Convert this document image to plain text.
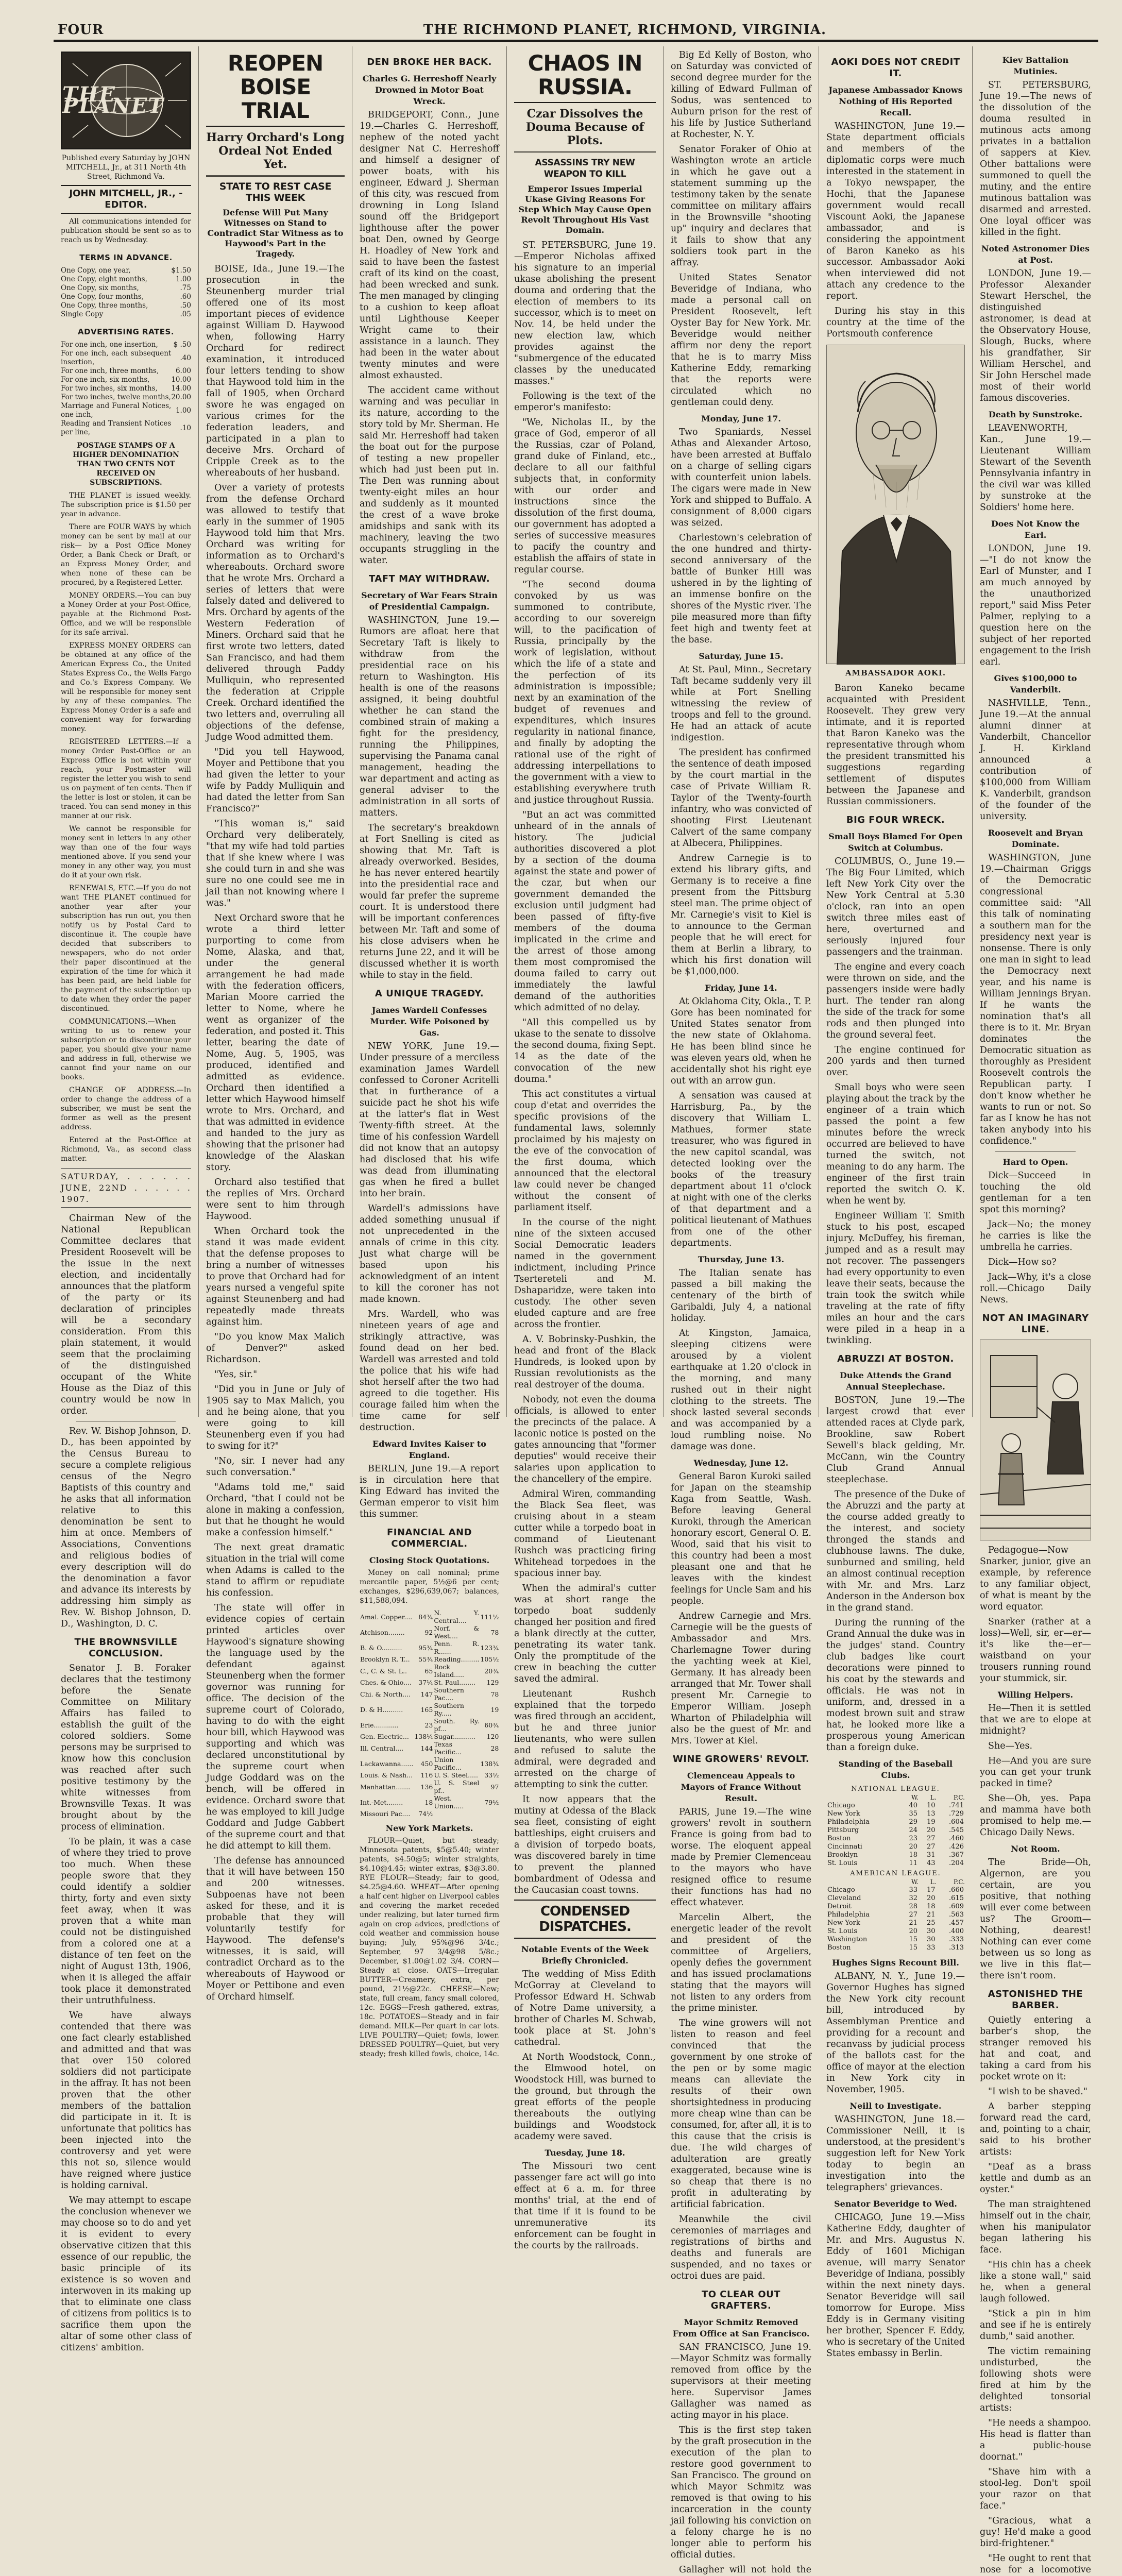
FOUR	THE RICHMOND PLANET, RICHMOND, VIRGINIA.
THE PLANET

Published every Saturday by JOHN MITCHELL, Jr., at 311 North 4th Street, Richmond Va.

JOHN MITCHELL, JR., - EDITOR.

All communications intended for publication should be sent so as to reach us by Wednesday.

TERMS IN ADVANCE.
One Copy, one year,	$1.50
One Copy, eight months,	1.00
One Copy, six months,	.75
One Copy, four months,	.60
One Copy, three months,	.50
Single Copy	.05
ADVERTISING RATES.
For one inch, one insertion,	$ .50
For one inch, each subsequent insertion,	.40
For one inch, three months,	6.00
For one inch, six months,	10.00
For two inches, six months,	14.00
For two inches, twelve months,	20.00
Marriage and Funeral Notices, one inch,	1.00
Reading and Transient Notices per line,	.10

POSTAGE STAMPS OF A HIGHER DENOMINATION THAN TWO CENTS NOT RECEIVED ON SUBSCRIPTIONS.

THE PLANET is issued weekly. The subscription price is $1.50 per year in advance.

There are FOUR WAYS by which money can be sent by mail at our risk— by a Post Office Money Order, a Bank Check or Draft, or an Express Money Order, and when none of these can be procured, by a Registered Letter.

MONEY ORDERS.—You can buy a Money Order at your Post-Office, payable at the Richmond Post-Office, and we will be responsible for its safe arrival.

EXPRESS MONEY ORDERS can be obtained at any office of the American Express Co., the United States Express Co., the Wells Fargo and Co.'s Express Company. We will be responsible for money sent by any of these companies. The Express Money Order is a safe and convenient way for forwarding money.

REGISTERED LETTERS.—If a money Order Post-Office or an Express Office is not within your reach, your Postmaster will register the letter you wish to send us on payment of ten cents. Then if the letter is lost or stolen, it can be traced. You can send money in this manner at our risk.

We cannot be responsible for money sent in letters in any other way than one of the four ways mentioned above. If you send your money in any other way, you must do it at your own risk.

RENEWALS, ETC.—If you do not want THE PLANET continued for another year after your subscription has run out, you then notify us by Postal Card to discontinue it. The couple have decided that subscribers to newspapers, who do not order their paper discontinued at the expiration of the time for which it has been paid, are held liable for the payment of the subscription up to date when they order the paper discontinued.

COMMUNICATIONS.—When writing to us to renew your subscription or to discontinue your paper, you should give your name and address in full, otherwise we cannot find your name on our books.

CHANGE OF ADDRESS.—In order to change the address of a subscriber, we must be sent the former as well as the present address.

Entered at the Post-Office at Richmond, Va., as second class matter.

SATURDAY, . . . . . . JUNE, 22ND . . . . . . 1907.

Chairman New of the National Republican Committee declares that President Roosevelt will be the issue in the next election, and incidentally announces that the platform of the party or its declaration of principles will be a secondary consideration. From this plain statement, it would seem that the proclaiming of the distinguished occupant of the White House as the Diaz of this country would be now in order.

Rev. W. Bishop Johnson, D. D., has been appointed by the Census Bureau to secure a complete religious census of the Negro Baptists of this country and he asks that all information relative to this denomination be sent to him at once. Members of Associations, Conventions and religious bodies of every description will do the denomination a favor and advance its interests by addressing him simply as Rev. W. Bishop Johnson, D. D., Washington, D. C.

THE BROWNSVILLE CONCLUSION.

Senator J. B. Foraker declares that the testimony before the Senate Committee on Military Affairs has failed to establish the guilt of the colored soldiers. Some persons may be surprised to know how this conclusion was reached after such positive testimony by the white witnesses from Brownsville Texas. It was brought about by the process of elimination.

To be plain, it was a case of where they tried to prove too much. When these people swore that they could identify a soldier thirty, forty and even sixty feet away, when it was proven that a white man could not be distinguished from a colored one at a distance of ten feet on the night of August 13th, 1906, when it is alleged the affair took place it demonstrated their untruthfulness.

We have always contended that there was one fact clearly established and admitted and that was that over 150 colored soldiers did not participate in the affray. It has not been proven that the other members of the battalion did participate in it. It is unfortunate that politics has been injected into the controversy and yet were this not so, silence would have reigned where justice is holding carnival.

We may attempt to escape the conclusion whenever we may choose so to do and yet it is evident to every observative citizen that this essence of our republic, the basic principle of its existence is so woven and interwoven in its making up that to eliminate one class of citizens from politics is to sacrifice them upon the altar of some other class of citizens' ambition.

REOPEN BOISE TRIAL
Harry Orchard's Long Ordeal Not Ended Yet.
STATE TO REST CASE THIS WEEK
Defense Will Put Many Witnesses on Stand to Contradict Star Witness as to Haywood's Part in the Tragedy.

BOISE, Ida., June 19.—The prosecution in the Steunenberg murder trial offered one of its most important pieces of evidence against William D. Haywood when, following Harry Orchard for redirect examination, it introduced four letters tending to show that Haywood told him in the fall of 1905, when Orchard swore he was engaged on various crimes for the federation leaders, and participated in a plan to deceive Mrs. Orchard of Cripple Creek as to the whereabouts of her husband.

Over a variety of protests from the defense Orchard was allowed to testify that early in the summer of 1905 Haywood told him that Mrs. Orchard was writing for information as to Orchard's whereabouts. Orchard swore that he wrote Mrs. Orchard a series of letters that were falsely dated and delivered to Mrs. Orchard by agents of the Western Federation of Miners. Orchard said that he first wrote two letters, dated San Francisco, and had them delivered through Paddy Mulliquin, who represented the federation at Cripple Creek. Orchard identified the two letters and, overruling all objections of the defense, Judge Wood admitted them.

"Did you tell Haywood, Moyer and Pettibone that you had given the letter to your wife by Paddy Mulliquin and had dated the letter from San Francisco?"

"This woman is," said Orchard very deliberately, "that my wife had told parties that if she knew where I was she could turn in and she was sure no one could see me in jail than not knowing where I was."

Next Orchard swore that he wrote a third letter purporting to come from Nome, Alaska, and that, under the general arrangement he had made with the federation officers, Marian Moore carried the letter to Nome, where he went as organizer of the federation, and posted it. This letter, bearing the date of Nome, Aug. 5, 1905, was produced, identified and admitted as evidence. Orchard then identified a letter which Haywood himself wrote to Mrs. Orchard, and that was admitted in evidence and handed to the jury as showing that the prisoner had knowledge of the Alaskan story.

Orchard also testified that the replies of Mrs. Orchard were sent to him through Haywood.

When Orchard took the stand it was made evident that the defense proposes to bring a number of witnesses to prove that Orchard had for years nursed a vengeful spite against Steunenberg and had repeatedly made threats against him.

"Do you know Max Malich of Denver?" asked Richardson.

"Yes, sir."

"Did you in June or July of 1905 say to Max Malich, you and he being alone, that you were going to kill Steunenberg even if you had to swing for it?"

"No, sir. I never had any such conversation."

"Adams told me," said Orchard, "that I could not be alone in making a confession, but that he thought he would make a confession himself."

The next great dramatic situation in the trial will come when Adams is called to the stand to affirm or repudiate his confession.

The state will offer in evidence copies of certain printed articles over Haywood's signature showing the language used by the defendant against Steunenberg when the former governor was running for office. The decision of the supreme court of Colorado, having to do with the eight hour bill, which Haywood was supporting and which was declared unconstitutional by the supreme court when Judge Goddard was on the bench, will be offered in evidence. Orchard swore that he was employed to kill Judge Goddard and Judge Gabbert of the supreme court and that he did attempt to kill them.

The defense has announced that it will have between 150 and 200 witnesses. Subpoenas have not been asked for these, and it is probable that they will voluntarily testify for Haywood. The defense's witnesses, it is said, will contradict Orchard as to the whereabouts of Haywood or Moyer or Pettibone and even of Orchard himself.

DEN BROKE HER BACK.
Charles G. Herreshoff Nearly Drowned in Motor Boat Wreck.

BRIDGEPORT, Conn., June 19.—Charles G. Herreshoff, nephew of the noted yacht designer Nat C. Herreshoff and himself a designer of power boats, with his engineer, Edward J. Sherman of this city, was rescued from drowning in Long Island sound off the Bridgeport lighthouse after the power boat Den, owned by George H. Hoadley of New York and said to have been the fastest craft of its kind on the coast, had been wrecked and sunk. The men managed by clinging to a cushion to keep afloat until Lighthouse Keeper Wright came to their assistance in a launch. They had been in the water about twenty minutes and were almost exhausted.

The accident came without warning and was peculiar in its nature, according to the story told by Mr. Sherman. He said Mr. Herreshoff had taken the boat out for the purpose of testing a new propeller which had just been put in. The Den was running about twenty-eight miles an hour and suddenly as it mounted the crest of a wave broke amidships and sank with its machinery, leaving the two occupants struggling in the water.

TAFT MAY WITHDRAW.
Secretary of War Fears Strain of Presidential Campaign.

WASHINGTON, June 19.—Rumors are afloat here that Secretary Taft is likely to withdraw from the presidential race on his return to Washington. His health is one of the reasons assigned, it being doubtful whether he can stand the combined strain of making a fight for the presidency, running the Philippines, supervising the Panama canal management, heading the war department and acting as general adviser to the administration in all sorts of matters.

The secretary's breakdown at Fort Snelling is cited as showing that Mr. Taft is already overworked. Besides, he has never entered heartily into the presidential race and would far prefer the supreme court. It is understood there will be important conferences between Mr. Taft and some of his close advisers when he returns June 22, and it will be discussed whether it is worth while to stay in the field.

A UNIQUE TRAGEDY.
James Wardell Confesses Murder. Wife Poisoned by Gas.

NEW YORK, June 19.—Under pressure of a merciless examination James Wardell confessed to Coroner Acritelli that in furtherance of a suicide pact he shot his wife at the latter's flat in West Twenty-fifth street. At the time of his confession Wardell did not know that an autopsy had disclosed that his wife was dead from illuminating gas when he fired a bullet into her brain.

Wardell's admissions have added something unusual if not unprecedented in the annals of crime in this city. Just what charge will be based upon his acknowledgment of an intent to kill the coroner has not made known.

Mrs. Wardell, who was nineteen years of age and strikingly attractive, was found dead on her bed. Wardell was arrested and told the police that his wife had shot herself after the two had agreed to die together. His courage failed him when the time came for self destruction.

Edward Invites Kaiser to England.

BERLIN, June 19.—A report is in circulation here that King Edward has invited the German emperor to visit him this summer.

FINANCIAL AND COMMERCIAL.
Closing Stock Quotations.

Money on call nominal; prime mercantile paper, 5½@6 per cent; exchanges, $296,639,067; balances, $11,588,094.

Amal. Copper....	84¾	N. Y. Central....	111½
Atchison........	92	Norf. & West....	78
B. & O..........	95¾	Penn. R. R......	123¾
Brooklyn R. T...	55¾	Reading.........	105½
C., C. & St. L..	65	Rock Island.....	20¾
Ches. & Ohio....	37¼	St. Paul........	129
Chi. & North....	147	Southern Pac....	78
D. & H..........	165	Southern Ry.....	19
Erie............	23	South. Ry. pf...	60¾
Gen. Electric...	138¼	Sugar...........	120
Ill. Central....	144	Texas Pacific...	28
Lackawanna......	450	Union Pacific...	138¾
Louis. & Nash...	116	U. S. Steel.....	33½
Manhattan.......	136	U. S. Steel pf..	97
Int.-Met........	18	West. Union.....	79½
Missouri Pac....	74½		
New York Markets.

FLOUR—Quiet, but steady; Minnesota patents, $5@5.40; winter patents, $4.50@5; winter straights, $4.10@4.45; winter extras, $3@3.80. RYE FLOUR—Steady; fair to good, $4.25@4.60. WHEAT—After opening a half cent higher on Liverpool cables and covering the market receded under realizing, but later turned firm again on crop advices, predictions of cold weather and commission house buying; July, 95%@96 3/4c.; September, 97 3/4@98 5/8c.; December, $1.00@1.02 3/4. CORN—Steady at close. OATS—Irregular. BUTTER—Creamery, extra, per pound, 21½@22c. CHEESE—New; state, full cream, fancy small colored, 12c. EGGS—Fresh gathered, extras, 18c. POTATOES—Steady and in fair demand. MILK—Per quart in car lots. LIVE POULTRY—Quiet; fowls, lower. DRESSED POULTRY—Quiet, but very steady; fresh killed fowls, choice, 14c.

CHAOS IN RUSSIA.
Czar Dissolves the Douma Because of Plots.
ASSASSINS TRY NEW WEAPON TO KILL
Emperor Issues Imperial Ukase Giving Reasons For Step Which May Cause Open Revolt Throughout His Vast Domain.

ST. PETERSBURG, June 19.—Emperor Nicholas affixed his signature to an imperial ukase abolishing the present douma and ordering that the election of members to its successor, which is to meet on Nov. 14, be held under the new election law, which provides against the "submergence of the educated classes by the uneducated masses."

Following is the text of the emperor's manifesto:

"We, Nicholas II., by the grace of God, emperor of all the Russias, czar of Poland, grand duke of Finland, etc., declare to all our faithful subjects that, in conformity with our order and instructions since the dissolution of the first douma, our government has adopted a series of successive measures to pacify the country and establish the affairs of state in regular course.

"The second douma convoked by us was summoned to contribute, according to our sovereign will, to the pacification of Russia, principally by the work of legislation, without which the life of a state and the perfection of its administration is impossible; next by an examination of the budget of revenues and expenditures, which insures regularity in national finance, and finally by adopting the rational use of the right of addressing interpellations to the government with a view to establishing everywhere truth and justice throughout Russia.

"But an act was committed unheard of in the annals of history. The judicial authorities discovered a plot by a section of the douma against the state and power of the czar, but when our government demanded the exclusion until judgment had been passed of fifty-five members of the douma implicated in the crime and the arrest of those among them most compromised the douma failed to carry out immediately the lawful demand of the authorities which admitted of no delay.

"All this compelled us by ukase to the senate to dissolve the second douma, fixing Sept. 14 as the date of the convocation of the new douma."

This act constitutes a virtual coup d'etat and overrides the specific provisions of the fundamental laws, solemnly proclaimed by his majesty on the eve of the convocation of the first douma, which announced that the electoral law could never be changed without the consent of parliament itself.

In the course of the night nine of the sixteen accused Social Democratic leaders named in the government indictment, including Prince Tsertereteli and M. Dshaparidze, were taken into custody. The other seven eluded capture and are free across the frontier.

A. V. Bobrinsky-Pushkin, the head and front of the Black Hundreds, is looked upon by Russian revolutionists as the real destroyer of the douma.

Nobody, not even the douma officials, is allowed to enter the precincts of the palace. A laconic notice is posted on the gates announcing that "former deputies" would receive their salaries upon application to the chancellery of the empire.

Admiral Wiren, commanding the Black Sea fleet, was cruising about in a steam cutter while a torpedo boat in command of Lieutenant Rushch was practicing firing Whitehead torpedoes in the spacious inner bay.

When the admiral's cutter was at short range the torpedo boat suddenly changed her position and fired a blank directly at the cutter, penetrating its water tank. Only the promptitude of the crew in beaching the cutter saved the admiral.

Lieutenant Rushch explained that the torpedo was fired through an accident, but he and three junior lieutenants, who were sullen and refused to salute the admiral, were degraded and arrested on the charge of attempting to sink the cutter.

It now appears that the mutiny at Odessa of the Black sea fleet, consisting of eight battleships, eight cruisers and a division of torpedo boats, was discovered barely in time to prevent the planned bombardment of Odessa and the Caucasian coast towns.

CONDENSED DISPATCHES.
Notable Events of the Week Briefly Chronicled.

The wedding of Miss Edith McGorray at Cleveland to Professor Edward H. Schwab of Notre Dame university, a brother of Charles M. Schwab, took place at St. John's cathedral.

At North Woodstock, Conn., the Elmwood hotel, on Woodstock Hill, was burned to the ground, but through the great efforts of the people thereabouts the outlying buildings and Woodstock academy were saved.

Tuesday, June 18.

The Missouri two cent passenger fare act will go into effect at 6 a. m. for three months' trial, at the end of that time if it is found to be unremunerative its enforcement can be fought in the courts by the railroads.

Big Ed Kelly of Boston, who on Saturday was convicted of second degree murder for the killing of Edward Fullman of Sodus, was sentenced to Auburn prison for the rest of his life by Justice Sutherland at Rochester, N. Y.

Senator Foraker of Ohio at Washington wrote an article in which he gave out a statement summing up the testimony taken by the senate committee on military affairs in the Brownsville "shooting up" inquiry and declares that it fails to show that any soldiers took part in the affray.

United States Senator Beveridge of Indiana, who made a personal call on President Roosevelt, left Oyster Bay for New York. Mr. Beveridge would neither affirm nor deny the report that he is to marry Miss Katherine Eddy, remarking that the reports were circulated which no gentleman could deny.

Monday, June 17.

Two Spaniards, Nessel Athas and Alexander Artoso, have been arrested at Buffalo on a charge of selling cigars with counterfeit union labels. The cigars were made in New York and shipped to Buffalo. A consignment of 8,000 cigars was seized.

Charlestown's celebration of the one hundred and thirty-second anniversary of the battle of Bunker Hill was ushered in by the lighting of an immense bonfire on the shores of the Mystic river. The pile measured more than fifty feet high and twenty feet at the base.

Saturday, June 15.

At St. Paul, Minn., Secretary Taft became suddenly very ill while at Fort Snelling witnessing the review of troops and fell to the ground. He had an attack of acute indigestion.

The president has confirmed the sentence of death imposed by the court martial in the case of Private William R. Taylor of the Twenty-fourth infantry, who was convicted of shooting First Lieutenant Calvert of the same company at Albecera, Philippines.

Andrew Carnegie is to extend his library gifts, and Germany is to receive a fine present from the Pittsburg steel man. The prime object of Mr. Carnegie's visit to Kiel is to announce to the German people that he will erect for them at Berlin a library, to which his first donation will be $1,000,000.

Friday, June 14.

At Oklahoma City, Okla., T. P. Gore has been nominated for United States senator from the new state of Oklahoma. He has been blind since he was eleven years old, when he accidentally shot his right eye out with an arrow gun.

A sensation was caused at Harrisburg, Pa., by the discovery that William L. Mathues, former state treasurer, who was figured in the new capitol scandal, was detected looking over the books of the treasury department about 11 o'clock at night with one of the clerks of that department and a political lieutenant of Mathues from one of the other departments.

Thursday, June 13.

The Italian senate has passed a bill making the centenary of the birth of Garibaldi, July 4, a national holiday.

At Kingston, Jamaica, sleeping citizens were aroused by a violent earthquake at 1.20 o'clock in the morning, and many rushed out in their night clothing to the streets. The shock lasted several seconds and was accompanied by a loud rumbling noise. No damage was done.

Wednesday, June 12.

General Baron Kuroki sailed for Japan on the steamship Kaga from Seattle, Wash. Before leaving General Kuroki, through the American honorary escort, General O. E. Wood, said that his visit to this country had been a most pleasant one and that he leaves with the kindest feelings for Uncle Sam and his people.

Andrew Carnegie and Mrs. Carnegie will be the guests of Ambassador and Mrs. Charlemagne Tower during the yachting week at Kiel, Germany. It has already been arranged that Mr. Tower shall present Mr. Carnegie to Emperor William. Joseph Wharton of Philadelphia will also be the guest of Mr. and Mrs. Tower at Kiel.

WINE GROWERS' REVOLT.
Clemenceau Appeals to Mayors of France Without Result.

PARIS, June 19.—The wine growers' revolt in southern France is going from bad to worse. The eloquent appeal made by Premier Clemenceau to the mayors who have resigned office to resume their functions has had no effect whatever.

Marcelin Albert, the energetic leader of the revolt and president of the committee of Argeliers, openly defies the government and has issued proclamations stating that the mayors will not listen to any orders from the prime minister.

The wine growers will not listen to reason and feel convinced that the government by one stroke of the pen or by some magic means can alleviate the results of their own shortsightedness in producing more cheap wine than can be consumed, for, after all, it is to this cause that the crisis is due. The wild charges of adulteration are greatly exaggerated, because wine is so cheap that there is no profit in adulterating by artificial fabrication.

Meanwhile the civil ceremonies of marriages and registrations of births and deaths and funerals are suspended, and no taxes or octroi dues are paid.

TO CLEAR OUT GRAFTERS.
Mayor Schmitz Removed From Office at San Francisco.

SAN FRANCISCO, June 19.—Mayor Schmitz was formally removed from office by the supervisors at their meeting here. Supervisor James Gallagher was named as acting mayor in his place.

This is the first step taken by the graft prosecution in the execution of the plan to restore good government to San Francisco. The ground on which Mayor Schmitz was removed is that owing to his incarceration in the county jail following his conviction on a felony charge he is no longer able to perform his official duties.

Gallagher will not hold the

AOKI DOES NOT CREDIT IT.
Japanese Ambassador Knows Nothing of His Reported Recall.

WASHINGTON, June 19.—State department officials and members of the diplomatic corps were much interested in the statement in a Tokyo newspaper, the Hochi, that the Japanese government would recall Viscount Aoki, the Japanese ambassador, and is considering the appointment of Baron Kaneko as his successor. Ambassador Aoki when interviewed did not attach any credence to the report.

During his stay in this country at the time of the Portsmouth conference

AMBASSADOR AOKI.

Baron Kaneko became acquainted with President Roosevelt. They grew very intimate, and it is reported that Baron Kaneko was the representative through whom the president transmitted his suggestions regarding settlement of disputes between the Japanese and Russian commissioners.

BIG FOUR WRECK.
Small Boys Blamed For Open Switch at Columbus.

COLUMBUS, O., June 19.—The Big Four Limited, which left New York City over the New York Central at 5.30 o'clock, ran into an open switch three miles east of here, overturned and seriously injured four passengers and the trainman.

The engine and every coach were thrown on side, and the passengers inside were badly hurt. The tender ran along the side of the track for some rods and then plunged into the ground several feet.

The engine continued for 200 yards and then turned over.

Small boys who were seen playing about the track by the engineer of a train which passed the point a few minutes before the wreck occurred are believed to have turned the switch, not meaning to do any harm. The engineer of the first train reported the switch O. K. when he went by.

Engineer William T. Smith stuck to his post, escaped injury. McDuffey, his fireman, jumped and as a result may not recover. The passengers had every opportunity to even leave their seats, because the train took the switch while traveling at the rate of fifty miles an hour and the cars were piled in a heap in a twinkling.

ABRUZZI AT BOSTON.
Duke Attends the Grand Annual Steeplechase.

BOSTON, June 19.—The largest crowd that ever attended races at Clyde park, Brookline, saw Robert Sewell's black gelding, Mr. McCann, win the Country Club Grand Annual steeplechase.

The presence of the Duke of the Abruzzi and the party at the course added greatly to the interest, and society thronged the stands and clubhouse lawns. The duke, sunburned and smiling, held an almost continual reception with Mr. and Mrs. Larz Anderson in the Anderson box in the grand stand.

During the running of the Grand Annual the duke was in the judges' stand. Country club badges like court decorations were pinned to his coat by the stewards and officials. He was not in uniform, and, dressed in a modest brown suit and straw hat, he looked more like a prosperous young American than a foreign duke.

Standing of the Baseball Clubs.
NATIONAL LEAGUE.			
	W.	L.	P.C.
Chicago	40	10	.741
New York	35	13	.729
Philadelphia	29	19	.604
Pittsburg	24	20	.545
Boston	23	27	.460
Cincinnati	20	27	.426
Brooklyn	18	31	.367
St. Louis	11	43	.204
AMERICAN LEAGUE.			
	W.	L.	P.C.
Chicago	33	17	.660
Cleveland	32	20	.615
Detroit	28	18	.609
Philadelphia	27	21	.563
New York	21	25	.457
St. Louis	20	30	.400
Washington	15	30	.333
Boston	15	33	.313
Hughes Signs Recount Bill.

ALBANY, N. Y., June 19.—Governor Hughes has signed the New York city recount bill, introduced by Assemblyman Prentice and providing for a recount and recanvass by judicial process of the ballots cast for the office of mayor at the election in New York city in November, 1905.

Neill to Investigate.

WASHINGTON, June 18.—Commissioner Neill, it is understood, at the president's suggestion left for New York today to begin an investigation into the telegraphers' grievances.

Senator Beveridge to Wed.

CHICAGO, June 19.—Miss Katherine Eddy, daughter of Mr. and Mrs. Augustus N. Eddy of 1601 Michigan avenue, will marry Senator Beveridge of Indiana, possibly within the next ninety days. Senator Beveridge will sail tomorrow for Europe. Miss Eddy is in Germany visiting her brother, Spencer F. Eddy, who is secretary of the United States embassy in Berlin.

Kiev Battalion Mutinies.

ST. PETERSBURG, June 19.—The news of the dissolution of the douma resulted in mutinous acts among privates in a battalion of sappers at Kiev. Other battalions were summoned to quell the mutiny, and the entire mutinous battalion was disarmed and arrested. One loyal officer was killed in the fight.

Noted Astronomer Dies at Post.

LONDON, June 19.—Professor Alexander Stewart Herschel, the distinguished astronomer, is dead at the Observatory House, Slough, Bucks, where his grandfather, Sir William Herschel, and Sir John Herschel made most of their world famous discoveries.

Death by Sunstroke.

LEAVENWORTH, Kan., June 19.—Lieutenant William Stewart of the Seventh Pennsylvania infantry in the civil war was killed by sunstroke at the Soldiers' home here.

Does Not Know the Earl.

LONDON, June 19.—"I do not know the Earl of Munster, and I am much annoyed by the unauthorized report," said Miss Peter Palmer, replying to a question here on the subject of her reported engagement to the Irish earl.

Gives $100,000 to Vanderbilt.

NASHVILLE, Tenn., June 19.—At the annual alumni dinner at Vanderbilt, Chancellor J. H. Kirkland announced a contribution of $100,000 from William K. Vanderbilt, grandson of the founder of the university.

Roosevelt and Bryan Dominate.

WASHINGTON, June 19.—Chairman Griggs of the Democratic congressional committee said: "All this talk of nominating a southern man for the presidency next year is nonsense. There is only one man in sight to lead the Democracy next year, and his name is William Jennings Bryan. If he wants the nomination that's all there is to it. Mr. Bryan dominates the Democratic situation as thoroughly as President Roosevelt controls the Republican party. I don't know whether he wants to run or not. So far as I know he has not taken anybody into his confidence."

Hard to Open.

Dick—Succeed in touching the old gentleman for a ten spot this morning?

Jack—No; the money he carries is like the umbrella he carries.

Dick—How so?

Jack—Why, it's a close roll.—Chicago Daily News.

NOT AN IMAGINARY LINE.

Pedagogue—Now Snarker, junior, give an example, by reference to any familiar object, of what is meant by the word equator.

Snarker (rather at a loss)—Well, sir, er—er—it's like the—er—waistband on your trousers running round your stummick, sir.

Willing Helpers.

He—Then it is settled that we are to elope at midnight?

She—Yes.

He—And you are sure you can get your trunk packed in time?

She—Oh, yes. Papa and mamma have both promised to help me.—Chicago Daily News.

Not Room.

The Bride—Oh, Algernon, are you certain, are you positive, that nothing will ever come between us? The Groom—Nothing, dearest! Nothing can ever come between us so long as we live in this flat—there isn't room.

ASTONISHED THE BARBER.

Quietly entering a barber's shop, the stranger removed his hat and coat, and taking a card from his pocket wrote on it:

"I wish to be shaved."

A barber stepping forward read the card, and, pointing to a chair, said to his brother artists:

"Deaf as a brass kettle and dumb as an oyster."

The man straightened himself out in the chair, when his manipulator began lathering his face.

"His chin has a cheek like a stone wall," said he, when a general laugh followed.

"Stick a pin in him and see if he is entirely dumb," said another.

The victim remaining undisturbed, the following shots were fired at him by the delighted tonsorial artists:

"He needs a shampoo. His head is flatter than a public-house doornat."

"Shave him with a stool-leg. Don't spoil your razor on that face."

"Gracious, what a guy! He'd make a good bird-frightener."

"He ought to rent that nose for a locomotive
